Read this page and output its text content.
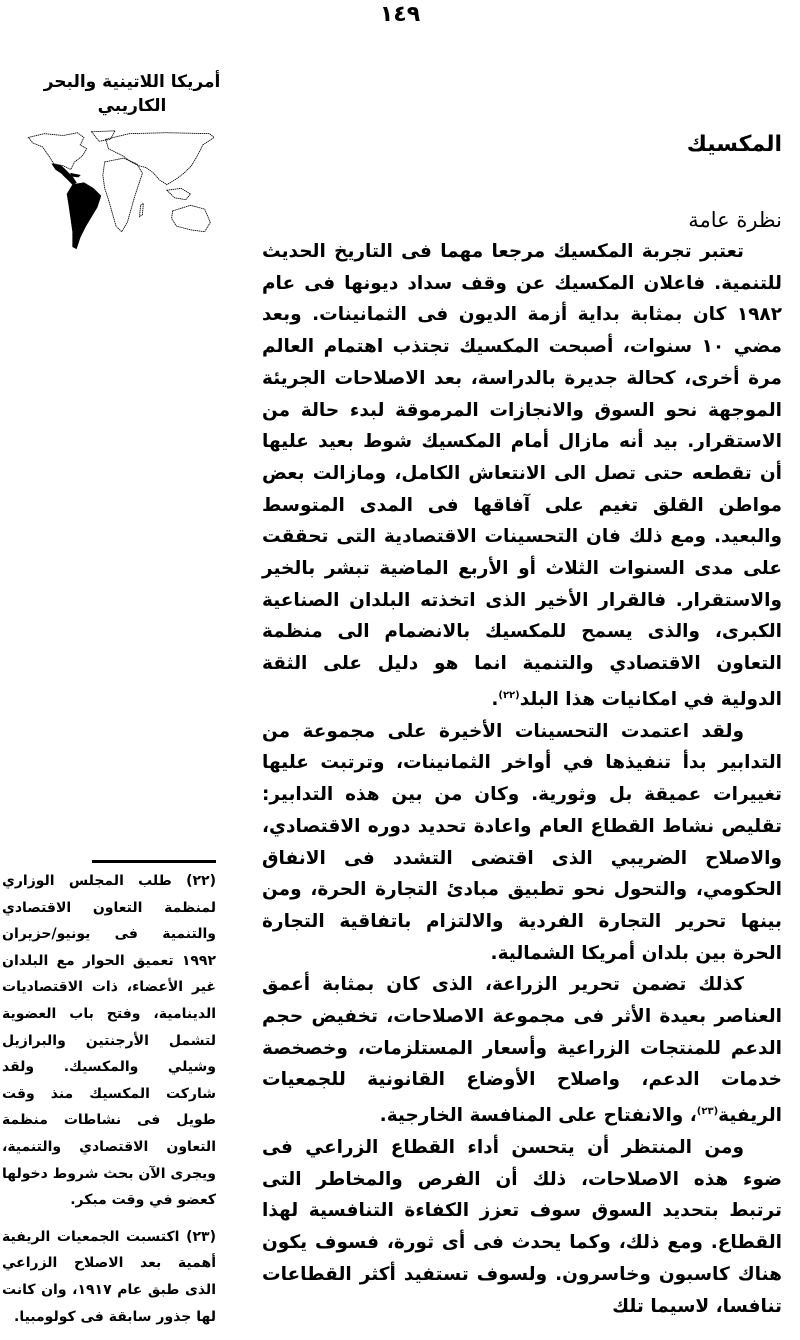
١٤٩
أمريكا اللاتينية والبحر الكاريبي
المكسيك
نظرة عامة

تعتبر تجربة المكسيك مرجعا مهما فى التاريخ الحديث للتنمية. فاعلان المكسيك عن وقف سداد ديونها فى عام ١٩٨٢ كان بمثابة بداية أزمة الديون فى الثمانينات. وبعد مضي ١٠ سنوات، أصبحت المكسيك تجتذب اهتمام العالم مرة أخرى، كحالة جديرة بالدراسة، بعد الاصلاحات الجريئة الموجهة نحو السوق والانجازات المرموقة لبدء حالة من الاستقرار. بيد أنه مازال أمام المكسيك شوط بعيد عليها أن تقطعه حتى تصل الى الانتعاش الكامل، ومازالت بعض مواطن القلق تغيم على آفاقها فى المدى المتوسط والبعيد. ومع ذلك فان التحسينات الاقتصادية التى تحققت على مدى السنوات الثلاث أو الأربع الماضية تبشر بالخير والاستقرار. فالقرار الأخير الذى اتخذته البلدان الصناعية الكبرى، والذى يسمح للمكسيك بالانضمام الى منظمة التعاون الاقتصادي والتنمية انما هو دليل على الثقة الدولية في امكانيات هذا البلد$^{(٢٢)}$.

ولقد اعتمدت التحسينات الأخيرة على مجموعة من التدابير بدأ تنفيذها في أواخر الثمانينات، وترتبت عليها تغييرات عميقة بل وثورية. وكان من بين هذه التدابير: تقليص نشاط القطاع العام واعادة تحديد دوره الاقتصادي، والاصلاح الضريبي الذى اقتضى التشدد فى الانفاق الحكومي، والتحول نحو تطبيق مبادئ التجارة الحرة، ومن بينها تحرير التجارة الفردية والالتزام باتفاقية التجارة الحرة بين بلدان أمريكا الشمالية.

كذلك تضمن تحرير الزراعة، الذى كان بمثابة أعمق العناصر بعيدة الأثر فى مجموعة الاصلاحات، تخفيض حجم الدعم للمنتجات الزراعية وأسعار المستلزمات، وخصخصة خدمات الدعم، واصلاح الأوضاع القانونية للجمعيات الريفية$^{(٢٣)}$، والانفتاح على المنافسة الخارجية.

ومن المنتظر أن يتحسن أداء القطاع الزراعي فى ضوء هذه الاصلاحات، ذلك أن الفرص والمخاطر التى ترتبط بتحديد السوق سوف تعزز الكفاءة التنافسية لهذا القطاع. ومع ذلك، وكما يحدث فى أى ثورة، فسوف يكون هناك كاسبون وخاسرون. ولسوف تستفيد أكثر القطاعات تنافسا، لاسيما تلك

(٢٢) طلب المجلس الوزاري لمنظمة التعاون الاقتصادي والتنمية فى يونيو/حزيران ١٩٩٢ تعميق الحوار مع البلدان غير الأعضاء، ذات الاقتصاديات الدينامية، وفتح باب العضوية لتشمل الأرجنتين والبرازيل وشيلي والمكسيك. ولقد شاركت المكسيك منذ وقت طويل فى نشاطات منظمة التعاون الاقتصادي والتنمية، ويجرى الآن بحث شروط دخولها كعضو في وقت مبكر.

(٢٣) اكتسبت الجمعيات الريفية أهمية بعد الاصلاح الزراعي الذى طبق عام ١٩١٧، وان كانت لها جذور سابقة فى كولومبيا.
